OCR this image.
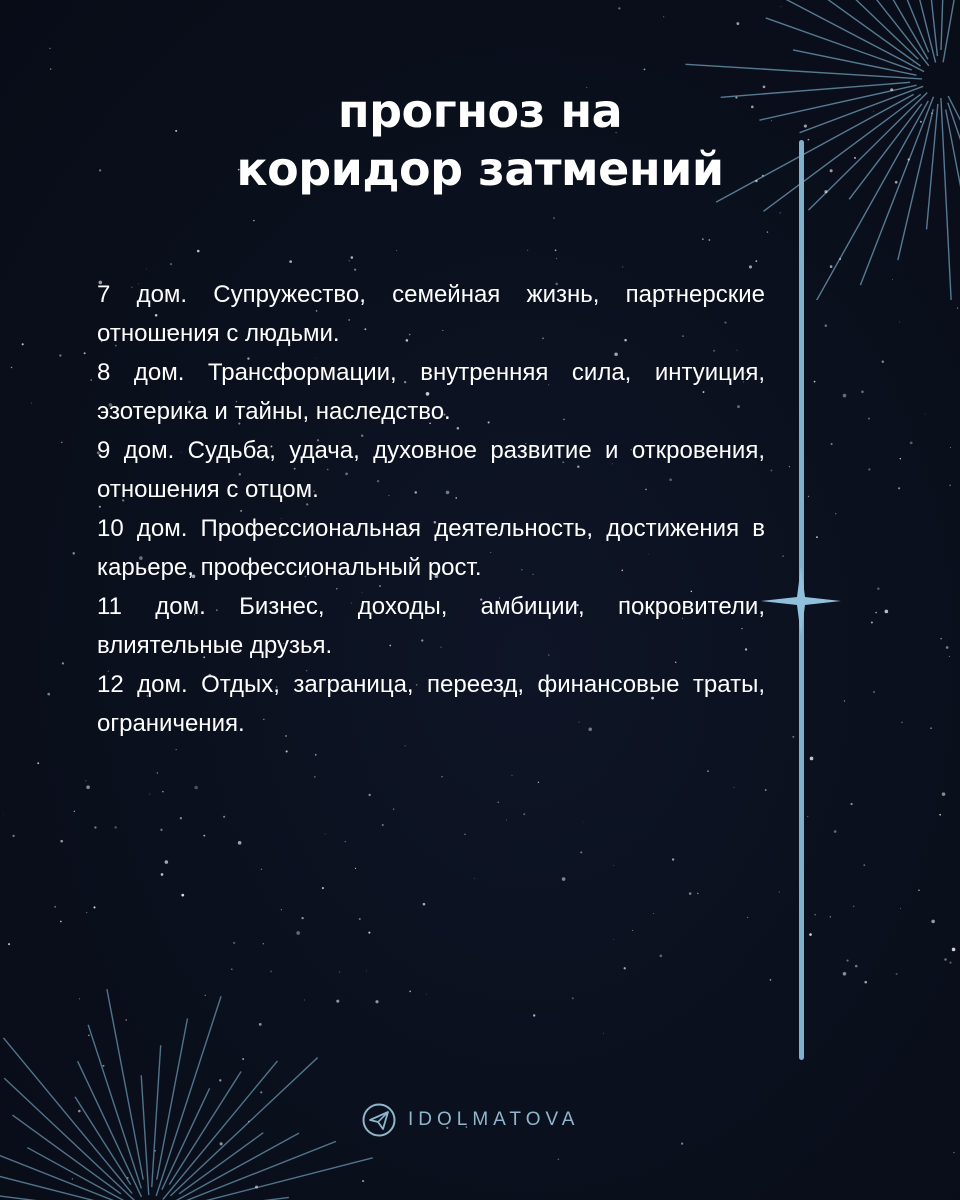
прогноз на
коридор затмений

7 дом. Супружество, семейная жизнь, партнерские отношения с людьми.

8 дом. Трансформации, внутренняя сила, интуиция, эзотерика и тайны, наследство.

9 дом. Судьба, удача, духовное развитие и откровения, отношения с отцом.

10 дом. Профессиональная деятельность, достижения в карьере, профессиональный рост.

11 дом. Бизнес, доходы, амбиции, покровители, влиятельные друзья.

12 дом. Отдых, заграница, переезд, финансовые траты, ограничения.

IDOLMATOVA
